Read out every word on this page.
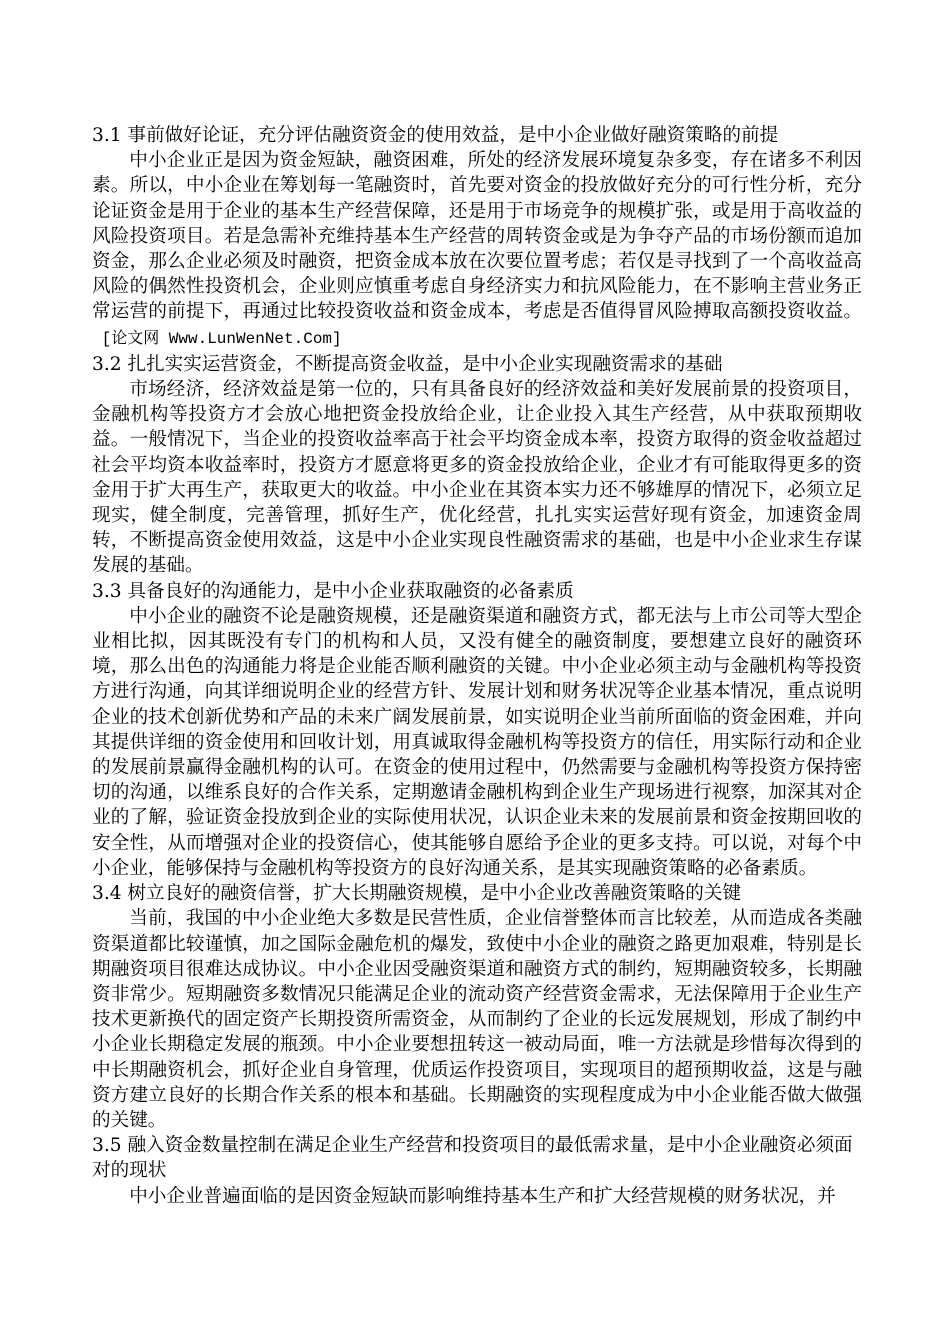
3.1 事前做好论证，充分评估融资资金的使用效益，是中小企业做好融资策略的前提

中小企业正是因为资金短缺，融资困难，所处的经济发展环境复杂多变，存在诸多不利因素。所以，中小企业在筹划每一笔融资时，首先要对资金的投放做好充分的可行性分析，充分论证资金是用于企业的基本生产经营保障，还是用于市场竞争的规模扩张，或是用于高收益的风险投资项目。若是急需补充维持基本生产经营的周转资金或是为争夺产品的市场份额而追加资金，那么企业必须及时融资，把资金成本放在次要位置考虑；若仅是寻找到了一个高收益高风险的偶然性投资机会，企业则应慎重考虑自身经济实力和抗风险能力，在不影响主营业务正常运营的前提下，再通过比较投资收益和资金成本，考虑是否值得冒风险搏取高额投资收益。[论文网 Www.LunWenNet.Com]

3.2 扎扎实实运营资金，不断提高资金收益，是中小企业实现融资需求的基础

市场经济，经济效益是第一位的，只有具备良好的经济效益和美好发展前景的投资项目，金融机构等投资方才会放心地把资金投放给企业，让企业投入其生产经营，从中获取预期收益。一般情况下，当企业的投资收益率高于社会平均资金成本率，投资方取得的资金收益超过社会平均资本收益率时，投资方才愿意将更多的资金投放给企业，企业才有可能取得更多的资金用于扩大再生产，获取更大的收益。中小企业在其资本实力还不够雄厚的情况下，必须立足现实，健全制度，完善管理，抓好生产，优化经营，扎扎实实运营好现有资金，加速资金周转，不断提高资金使用效益，这是中小企业实现良性融资需求的基础，也是中小企业求生存谋发展的基础。

3.3 具备良好的沟通能力，是中小企业获取融资的必备素质

中小企业的融资不论是融资规模，还是融资渠道和融资方式，都无法与上市公司等大型企业相比拟，因其既没有专门的机构和人员，又没有健全的融资制度，要想建立良好的融资环境，那么出色的沟通能力将是企业能否顺利融资的关键。中小企业必须主动与金融机构等投资方进行沟通，向其详细说明企业的经营方针、发展计划和财务状况等企业基本情况，重点说明企业的技术创新优势和产品的未来广阔发展前景，如实说明企业当前所面临的资金困难，并向其提供详细的资金使用和回收计划，用真诚取得金融机构等投资方的信任，用实际行动和企业的发展前景赢得金融机构的认可。在资金的使用过程中，仍然需要与金融机构等投资方保持密切的沟通，以维系良好的合作关系，定期邀请金融机构到企业生产现场进行视察，加深其对企业的了解，验证资金投放到企业的实际使用状况，认识企业未来的发展前景和资金按期回收的安全性，从而增强对企业的投资信心，使其能够自愿给予企业的更多支持。可以说，对每个中小企业，能够保持与金融机构等投资方的良好沟通关系，是其实现融资策略的必备素质。

3.4 树立良好的融资信誉，扩大长期融资规模，是中小企业改善融资策略的关键

当前，我国的中小企业绝大多数是民营性质，企业信誉整体而言比较差，从而造成各类融资渠道都比较谨慎，加之国际金融危机的爆发，致使中小企业的融资之路更加艰难，特别是长期融资项目很难达成协议。中小企业因受融资渠道和融资方式的制约，短期融资较多，长期融资非常少。短期融资多数情况只能满足企业的流动资产经营资金需求，无法保障用于企业生产技术更新换代的固定资产长期投资所需资金，从而制约了企业的长远发展规划，形成了制约中小企业长期稳定发展的瓶颈。中小企业要想扭转这一被动局面，唯一方法就是珍惜每次得到的中长期融资机会，抓好企业自身管理，优质运作投资项目，实现项目的超预期收益，这是与融资方建立良好的长期合作关系的根本和基础。长期融资的实现程度成为中小企业能否做大做强的关键。

3.5 融入资金数量控制在满足企业生产经营和投资项目的最低需求量，是中小企业融资必须面对的现状

中小企业普遍面临的是因资金短缺而影响维持基本生产和扩大经营规模的财务状况，并
